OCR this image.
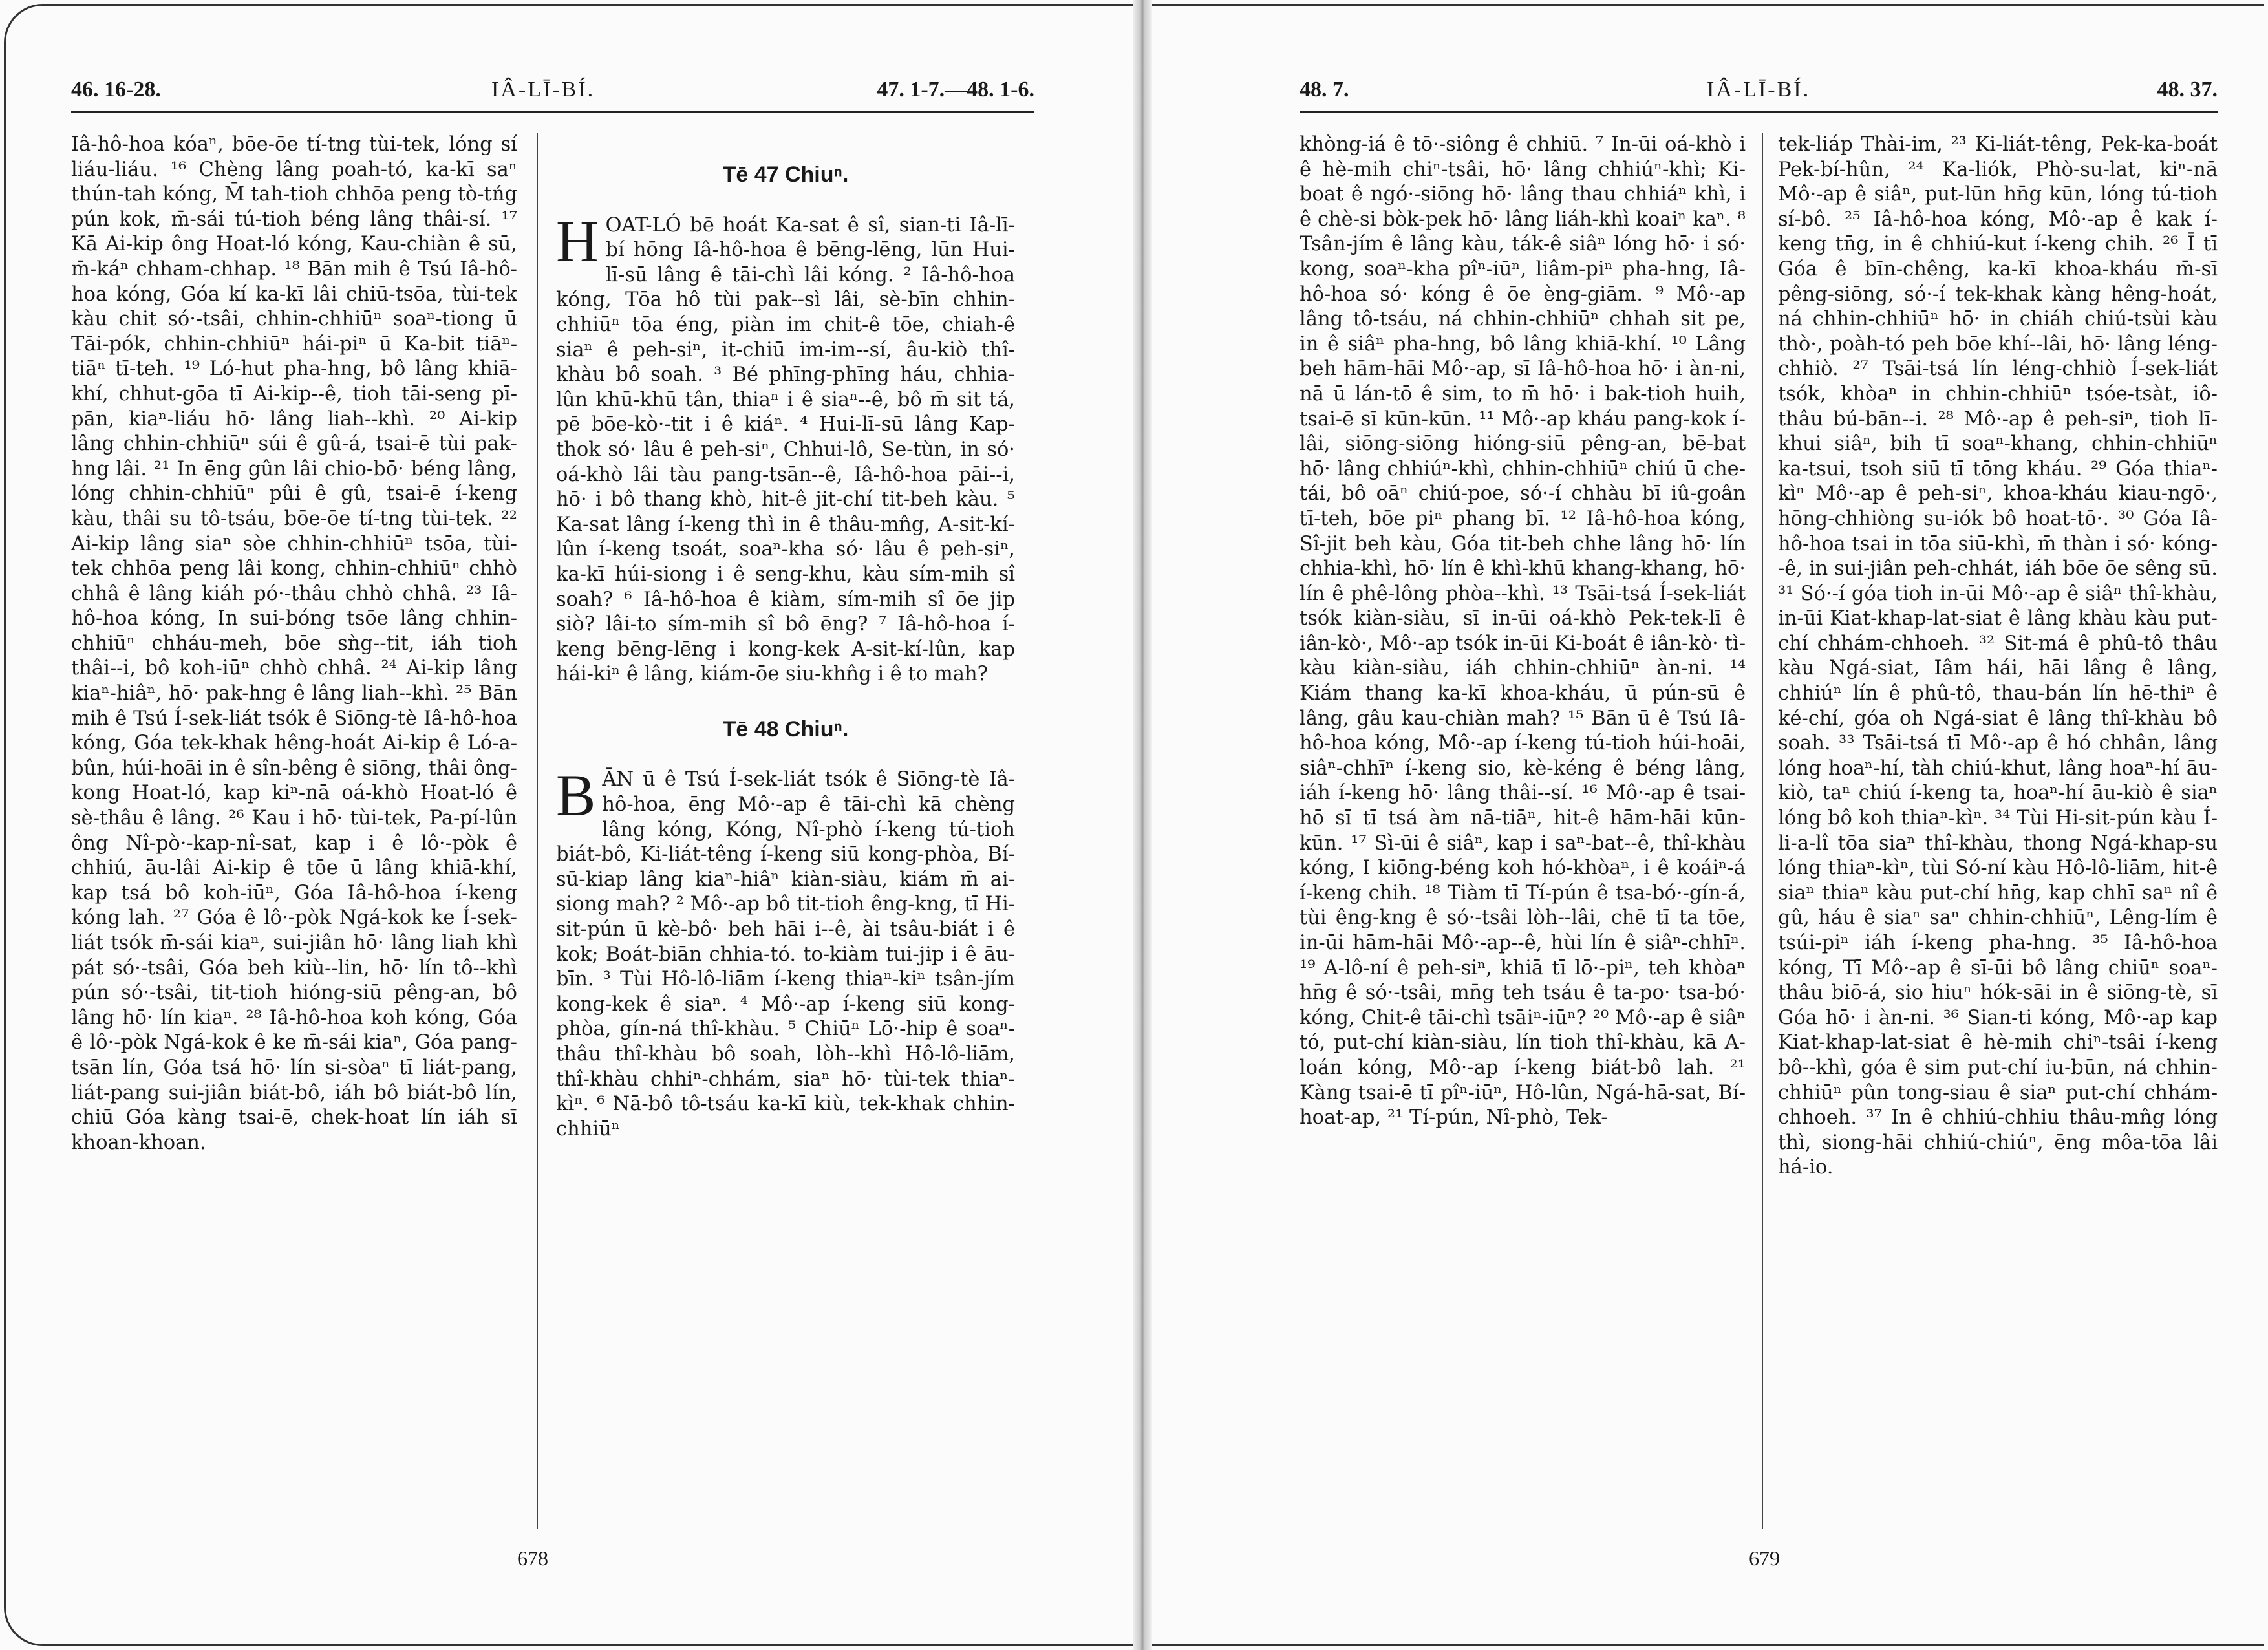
46. 16-28.	IÂ-LĪ-BÍ.	47. 1-7.—48. 1-6.

Iâ-hô-hoa kóaⁿ, bōe-ōe tí-tng tùi-tek, lóng sí liáu-liáu. ¹⁶ Chèng lâng poah-tó, ka-kī saⁿ thún-tah kóng, M̄ tah-tioh chhōa peng tò-tńg pún kok, m̄-sái tú-tioh béng lâng thâi-sí. ¹⁷ Kā Ai-kip ông Hoat-ló kóng, Kau-chiàn ê sū, m̄-káⁿ chham-chhap. ¹⁸ Bān mih ê Tsú Iâ-hô-hoa kóng, Góa kí ka-kī lâi chiū-tsōa, tùi-tek kàu chit só·-tsâi, chhin-chhiūⁿ soaⁿ-tiong ū Tāi-pók, chhin-chhiūⁿ hái-piⁿ ū Ka-bit tiāⁿ-tiāⁿ tī-teh. ¹⁹ Ló-hut pha-hng, bô lâng khiā-khí, chhut-gōa tī Ai-kip--ê, tioh tāi-seng pī-pān, kiaⁿ-liáu hō· lâng liah--khì. ²⁰ Ai-kip lâng chhin-chhiūⁿ súi ê gû-á, tsai-ē tùi pak-hng lâi. ²¹ In ēng gûn lâi chio-bō· béng lâng, lóng chhin-chhiūⁿ pûi ê gû, tsai-ē í-keng kàu, thâi su tô-tsáu, bōe-ōe tí-tng tùi-tek. ²² Ai-kip lâng siaⁿ sòe chhin-chhiūⁿ tsōa, tùi-tek chhōa peng lâi kong, chhin-chhiūⁿ chhò chhâ ê lâng kiáh pó·-thâu chhò chhâ. ²³ Iâ-hô-hoa kóng, In sui-bóng tsōe lâng chhin-chhiūⁿ chháu-meh, bōe sǹg--tit, iáh tioh thâi--i, bô koh-iūⁿ chhò chhâ. ²⁴ Ai-kip lâng kiaⁿ-hiâⁿ, hō· pak-hng ê lâng liah--khì. ²⁵ Bān mih ê Tsú Í-sek-liát tsók ê Siōng-tè Iâ-hô-hoa kóng, Góa tek-khak hêng-hoát Ai-kip ê Ló-a-bûn, húi-hoāi in ê sîn-bêng ê siōng, thâi ông-kong Hoat-ló, kap kiⁿ-nā oá-khò Hoat-ló ê sè-thâu ê lâng. ²⁶ Kau i hō· tùi-tek, Pa-pí-lûn ông Nî-pò·-kap-nî-sat, kap i ê lô·-pòk ê chhiú, āu-lâi Ai-kip ê tōe ū lâng khiā-khí, kap tsá bô koh-iūⁿ, Góa Iâ-hô-hoa í-keng kóng lah. ²⁷ Góa ê lô·-pòk Ngá-kok ke Í-sek-liát tsók m̄-sái kiaⁿ, sui-jiân hō· lâng liah khì pát só·-tsâi, Góa beh kiù--lin, hō· lín tô--khì pún só·-tsâi, tit-tioh hióng-siū pêng-an, bô lâng hō· lín kiaⁿ. ²⁸ Iâ-hô-hoa koh kóng, Góa ê lô·-pòk Ngá-kok ê ke m̄-sái kiaⁿ, Góa pang-tsān lín, Góa tsá hō· lín si-sòaⁿ tī liát-pang, liát-pang sui-jiân biát-bô, iáh bô biát-bô lín, chiū Góa kàng tsai-ē, chek-hoat lín iáh sī khoan-khoan.

Tē 47 Chiuⁿ.

HOAT-LÓ bē hoát Ka-sat ê sî, sian-ti Iâ-lī-bí hōng Iâ-hô-hoa ê bēng-lēng, lūn Hui-lī-sū lâng ê tāi-chì lâi kóng. ² Iâ-hô-hoa kóng, Tōa hô tùi pak--sì lâi, sè-bīn chhin-chhiūⁿ tōa éng, piàn im chit-ê tōe, chiah-ê siaⁿ ê peh-siⁿ, it-chiū im-im--sí, âu-kiò thî-khàu bô soah. ³ Bé phīng-phīng háu, chhia-lûn khū-khū tân, thiaⁿ i ê siaⁿ--ê, bô m̄ sit tá, pē bōe-kò·-tit i ê kiáⁿ. ⁴ Hui-lī-sū lâng Kap-thok só· lâu ê peh-siⁿ, Chhui-lô, Se-tùn, in só· oá-khò lâi tàu pang-tsān--ê, Iâ-hô-hoa pāi--i, hō· i bô thang khò, hit-ê jit-chí tit-beh kàu. ⁵ Ka-sat lâng í-keng thì in ê thâu-mn̂g, A-sit-kí-lûn í-keng tsoát, soaⁿ-kha só· lâu ê peh-siⁿ, ka-kī húi-siong i ê seng-khu, kàu sím-mih sî soah? ⁶ Iâ-hô-hoa ê kiàm, sím-mih sî ōe jip siò? lâi-to sím-mih sî bô ēng? ⁷ Iâ-hô-hoa í-keng bēng-lēng i kong-kek A-sit-kí-lûn, kap hái-kiⁿ ê lâng, kiám-ōe siu-khn̂g i ê to mah?

Tē 48 Chiuⁿ.

BĀN ū ê Tsú Í-sek-liát tsók ê Siōng-tè Iâ-hô-hoa, ēng Mô·-ap ê tāi-chì kā chèng lâng kóng, Kóng, Nî-phò í-keng tú-tioh biát-bô, Ki-liát-têng í-keng siū kong-phòa, Bí-sū-kiap lâng kiaⁿ-hiâⁿ kiàn-siàu, kiám m̄ ai-siong mah? ² Mô·-ap bô tit-tioh êng-kng, tī Hi-sit-pún ū kè-bô· beh hāi i--ê, ài tsâu-biát i ê kok; Boát-biān chhia-tó. to-kiàm tui-jip i ê āu-bīn. ³ Tùi Hô-lô-liām í-keng thiaⁿ-kiⁿ tsân-jím kong-kek ê siaⁿ. ⁴ Mô·-ap í-keng siū kong-phòa, gín-ná thî-khàu. ⁵ Chiūⁿ Lō·-hip ê soaⁿ-thâu thî-khàu bô soah, lòh--khì Hô-lô-liām, thî-khàu chhiⁿ-chhám, siaⁿ hō· tùi-tek thiaⁿ-kìⁿ. ⁶ Nā-bô tô-tsáu ka-kī kiù, tek-khak chhin-chhiūⁿ

678
48. 7.	IÂ-LĪ-BÍ.	48. 37.

khòng-iá ê tō·-siông ê chhiū. ⁷ In-ūi oá-khò i ê hè-mih chiⁿ-tsâi, hō· lâng chhiúⁿ-khì; Ki-boat ê ngó·-siōng hō· lâng thau chhiáⁿ khì, i ê chè-si bòk-pek hō· lâng liáh-khì koaiⁿ kaⁿ. ⁸ Tsân-jím ê lâng kàu, ták-ê siâⁿ lóng hō· i só· kong, soaⁿ-kha pîⁿ-iūⁿ, liâm-piⁿ pha-hng, Iâ-hô-hoa só· kóng ê ōe èng-giām. ⁹ Mô·-ap lâng tô-tsáu, ná chhin-chhiūⁿ chhah sit pe, in ê siâⁿ pha-hng, bô lâng khiā-khí. ¹⁰ Lâng beh hām-hāi Mô·-ap, sī Iâ-hô-hoa hō· i àn-ni, nā ū lán-tō ê sim, to m̄ hō· i bak-tioh huih, tsai-ē sī kūn-kūn. ¹¹ Mô·-ap kháu pang-kok í-lâi, siōng-siōng hióng-siū pêng-an, bē-bat hō· lâng chhiúⁿ-khì, chhin-chhiūⁿ chiú ū che-tái, bô oāⁿ chiú-poe, só·-í chhàu bī iû-goân tī-teh, bōe piⁿ phang bī. ¹² Iâ-hô-hoa kóng, Sî-jit beh kàu, Góa tit-beh chhe lâng hō· lín chhia-khì, hō· lín ê khì-khū khang-khang, hō· lín ê phê-lông phòa--khì. ¹³ Tsāi-tsá Í-sek-liát tsók kiàn-siàu, sī in-ūi oá-khò Pek-tek-lī ê iân-kò·, Mô·-ap tsók in-ūi Ki-boát ê iân-kò· tì-kàu kiàn-siàu, iáh chhin-chhiūⁿ àn-ni. ¹⁴ Kiám thang ka-kī khoa-kháu, ū pún-sū ê lâng, gâu kau-chiàn mah? ¹⁵ Bān ū ê Tsú Iâ-hô-hoa kóng, Mô·-ap í-keng tú-tioh húi-hoāi, siâⁿ-chhīⁿ í-keng sio, kè-kéng ê béng lâng, iáh í-keng hō· lâng thâi--sí. ¹⁶ Mô·-ap ê tsai-hō sī tī tsá àm nā-tiāⁿ, hit-ê hām-hāi kūn-kūn. ¹⁷ Sì-ūi ê siâⁿ, kap i saⁿ-bat--ê, thî-khàu kóng, I kiōng-béng koh hó-khòaⁿ, i ê koáiⁿ-á í-keng chih. ¹⁸ Tiàm tī Tí-pún ê tsa-bó·-gín-á, tùi êng-kng ê só·-tsâi lòh--lâi, chē tī ta tōe, in-ūi hām-hāi Mô·-ap--ê, hùi lín ê siâⁿ-chhīⁿ. ¹⁹ A-lô-ní ê peh-siⁿ, khiā tī lō·-piⁿ, teh khòaⁿ hn̄g ê só·-tsâi, mn̄g teh tsáu ê ta-po· tsa-bó· kóng, Chit-ê tāi-chì tsāiⁿ-iūⁿ? ²⁰ Mô·-ap ê siâⁿ tó, put-chí kiàn-siàu, lín tioh thî-khàu, kā A-loán kóng, Mô·-ap í-keng biát-bô lah. ²¹ Kàng tsai-ē tī pîⁿ-iūⁿ, Hô-lûn, Ngá-hā-sat, Bí-hoat-ap, ²¹ Tí-pún, Nî-phò, Tek-

tek-liáp Thài-im, ²³ Ki-liát-têng, Pek-ka-boát Pek-bí-hûn, ²⁴ Ka-liók, Phò-su-lat, kiⁿ-nā Mô·-ap ê siâⁿ, put-lūn hn̄g kūn, lóng tú-tioh sí-bô. ²⁵ Iâ-hô-hoa kóng, Mô·-ap ê kak í-keng tn̄g, in ê chhiú-kut í-keng chih. ²⁶ Ī tī Góa ê bīn-chêng, ka-kī khoa-kháu m̄-sī pêng-siōng, só·-í tek-khak kàng hêng-hoát, ná chhin-chhiūⁿ hō· in chiáh chiú-tsùi kàu thò·, poàh-tó peh bōe khí--lâi, hō· lâng léng-chhiò. ²⁷ Tsāi-tsá lín léng-chhiò Í-sek-liát tsók, khòaⁿ in chhin-chhiūⁿ tsóe-tsàt, iô-thâu bú-bān--i. ²⁸ Mô·-ap ê peh-siⁿ, tioh lī-khui siâⁿ, bih tī soaⁿ-khang, chhin-chhiūⁿ ka-tsui, tsoh siū tī tōng kháu. ²⁹ Góa thiaⁿ-kìⁿ Mô·-ap ê peh-siⁿ, khoa-kháu kiau-ngō·, hōng-chhiòng su-iók bô hoat-tō·. ³⁰ Góa Iâ-hô-hoa tsai in tōa siū-khì, m̄ thàn i só· kóng--ê, in sui-jiân peh-chhát, iáh bōe ōe sêng sū. ³¹ Só·-í góa tioh in-ūi Mô·-ap ê siâⁿ thî-khàu, in-ūi Kiat-khap-lat-siat ê lâng khàu kàu put-chí chhám-chhoeh. ³² Sit-má ê phû-tô thâu kàu Ngá-siat, Iâm hái, hāi lâng ê lâng, chhiúⁿ lín ê phû-tô, thau-bán lín hē-thiⁿ ê ké-chí, góa oh Ngá-siat ê lâng thî-khàu bô soah. ³³ Tsāi-tsá tī Mô·-ap ê hó chhân, lâng lóng hoaⁿ-hí, tàh chiú-khut, lâng hoaⁿ-hí āu-kiò, taⁿ chiú í-keng ta, hoaⁿ-hí āu-kiò ê siaⁿ lóng bô koh thiaⁿ-kìⁿ. ³⁴ Tùi Hi-sit-pún kàu Í-li-a-lî tōa siaⁿ thî-khàu, thong Ngá-khap-su lóng thiaⁿ-kìⁿ, tùi Só-ní kàu Hô-lô-liām, hit-ê siaⁿ thiaⁿ kàu put-chí hn̄g, kap chhī saⁿ nî ê gû, háu ê siaⁿ saⁿ chhin-chhiūⁿ, Lêng-lím ê tsúi-piⁿ iáh í-keng pha-hng. ³⁵ Iâ-hô-hoa kóng, Tī Mô·-ap ê sī-ūi bô lâng chiūⁿ soaⁿ-thâu biō-á, sio hiuⁿ hók-sāi in ê siōng-tè, sī Góa hō· i àn-ni. ³⁶ Sian-ti kóng, Mô·-ap kap Kiat-khap-lat-siat ê hè-mih chiⁿ-tsâi í-keng bô--khì, góa ê sim put-chí iu-būn, ná chhin-chhiūⁿ pûn tong-siau ê siaⁿ put-chí chhám-chhoeh. ³⁷ In ê chhiú-chhiu thâu-mn̂g lóng thì, siong-hāi chhiú-chiúⁿ, ēng môa-tōa lâi há-io.

679
